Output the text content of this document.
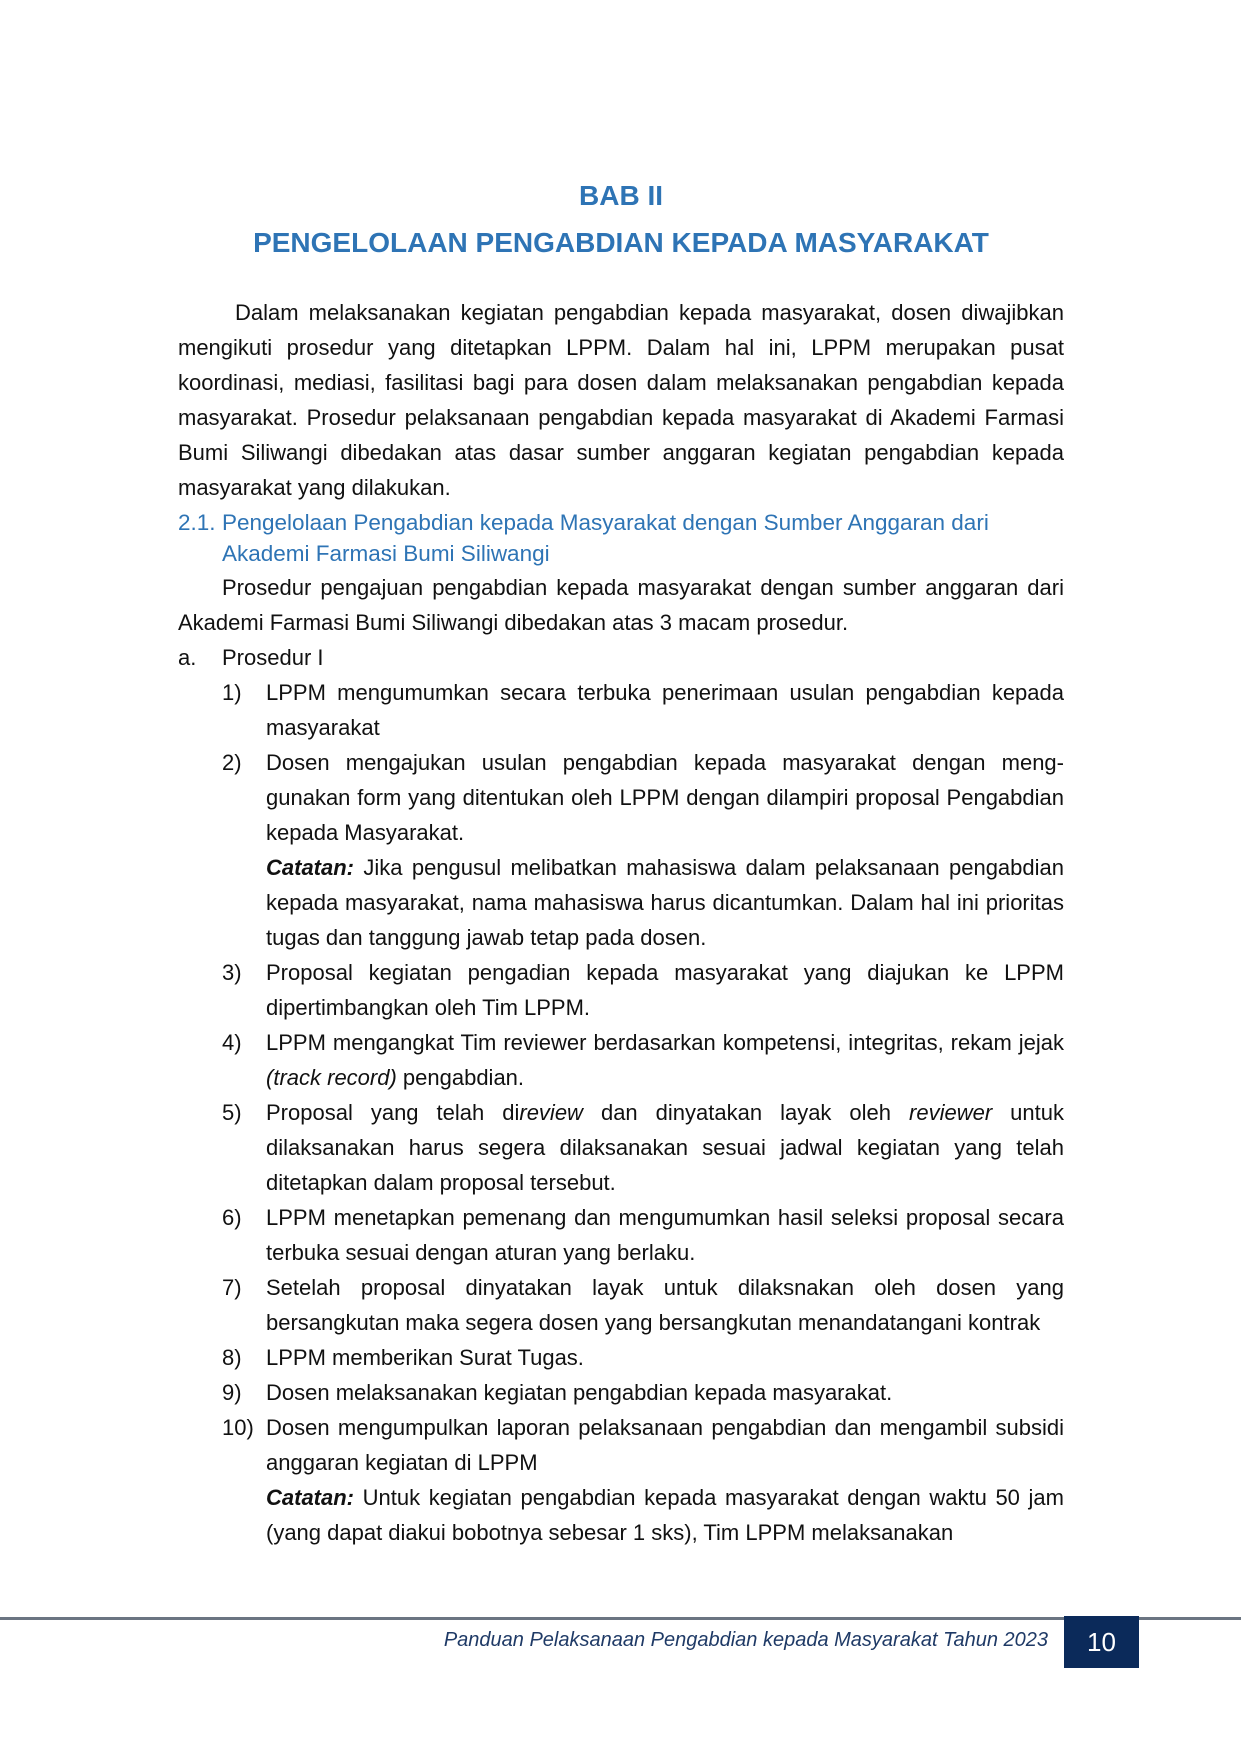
BAB II
PENGELOLAAN PENGABDIAN KEPADA MASYARAKAT

Dalam melaksanakan kegiatan pengabdian kepada masyarakat, dosen diwajibkan mengikuti prosedur yang ditetapkan LPPM. Dalam hal ini, LPPM merupakan pusat koordinasi, mediasi, fasilitasi bagi para dosen dalam melaksanakan pengabdian kepada masyarakat. Prosedur pelaksanaan pengabdian kepada masyarakat di Akademi Farmasi Bumi Siliwangi dibedakan atas dasar sumber anggaran kegiatan pengabdian kepada masyarakat yang dilakukan.

2.1. Pengelolaan Pengabdian kepada Masyarakat dengan Sumber Anggaran dari Akademi Farmasi Bumi Siliwangi

Prosedur pengajuan pengabdian kepada masyarakat dengan sumber anggaran dari Akademi Farmasi Bumi Siliwangi dibedakan atas 3 macam prosedur.

a.	Prosedur I
1)	LPPM mengumumkan secara terbuka penerimaan usulan pengabdian kepada masyarakat
2)	Dosen mengajukan usulan pengabdian kepada masyarakat dengan meng-gunakan form yang ditentukan oleh LPPM dengan dilampiri proposal Pengabdian kepada Masyarakat.
Catatan: Jika pengusul melibatkan mahasiswa dalam pelaksanaan pengabdian kepada masyarakat, nama mahasiswa harus dicantumkan. Dalam hal ini prioritas tugas dan tanggung jawab tetap pada dosen.
3)	Proposal kegiatan pengadian kepada masyarakat yang diajukan ke LPPM dipertimbangkan oleh Tim LPPM.
4)	LPPM mengangkat Tim reviewer berdasarkan kompetensi, integritas, rekam jejak (track record) pengabdian.
5)	Proposal yang telah direview dan dinyatakan layak oleh reviewer untuk dilaksanakan harus segera dilaksanakan sesuai jadwal kegiatan yang telah ditetapkan dalam proposal tersebut.
6)	LPPM menetapkan pemenang dan mengumumkan hasil seleksi proposal secara terbuka sesuai dengan aturan yang berlaku.
7)	Setelah proposal dinyatakan layak untuk dilaksnakan oleh dosen yang bersangkutan maka segera dosen yang bersangkutan menandatangani kontrak
8)	LPPM memberikan Surat Tugas.
9)	Dosen melaksanakan kegiatan pengabdian kepada masyarakat.
10) Dosen mengumpulkan laporan pelaksanaan pengabdian dan mengambil subsidi anggaran kegiatan di LPPM
Catatan: Untuk kegiatan pengabdian kepada masyarakat dengan waktu 50 jam (yang dapat diakui bobotnya sebesar 1 sks), Tim LPPM melaksanakan
Panduan Pelaksanaan Pengabdian kepada Masyarakat Tahun 2023	10
